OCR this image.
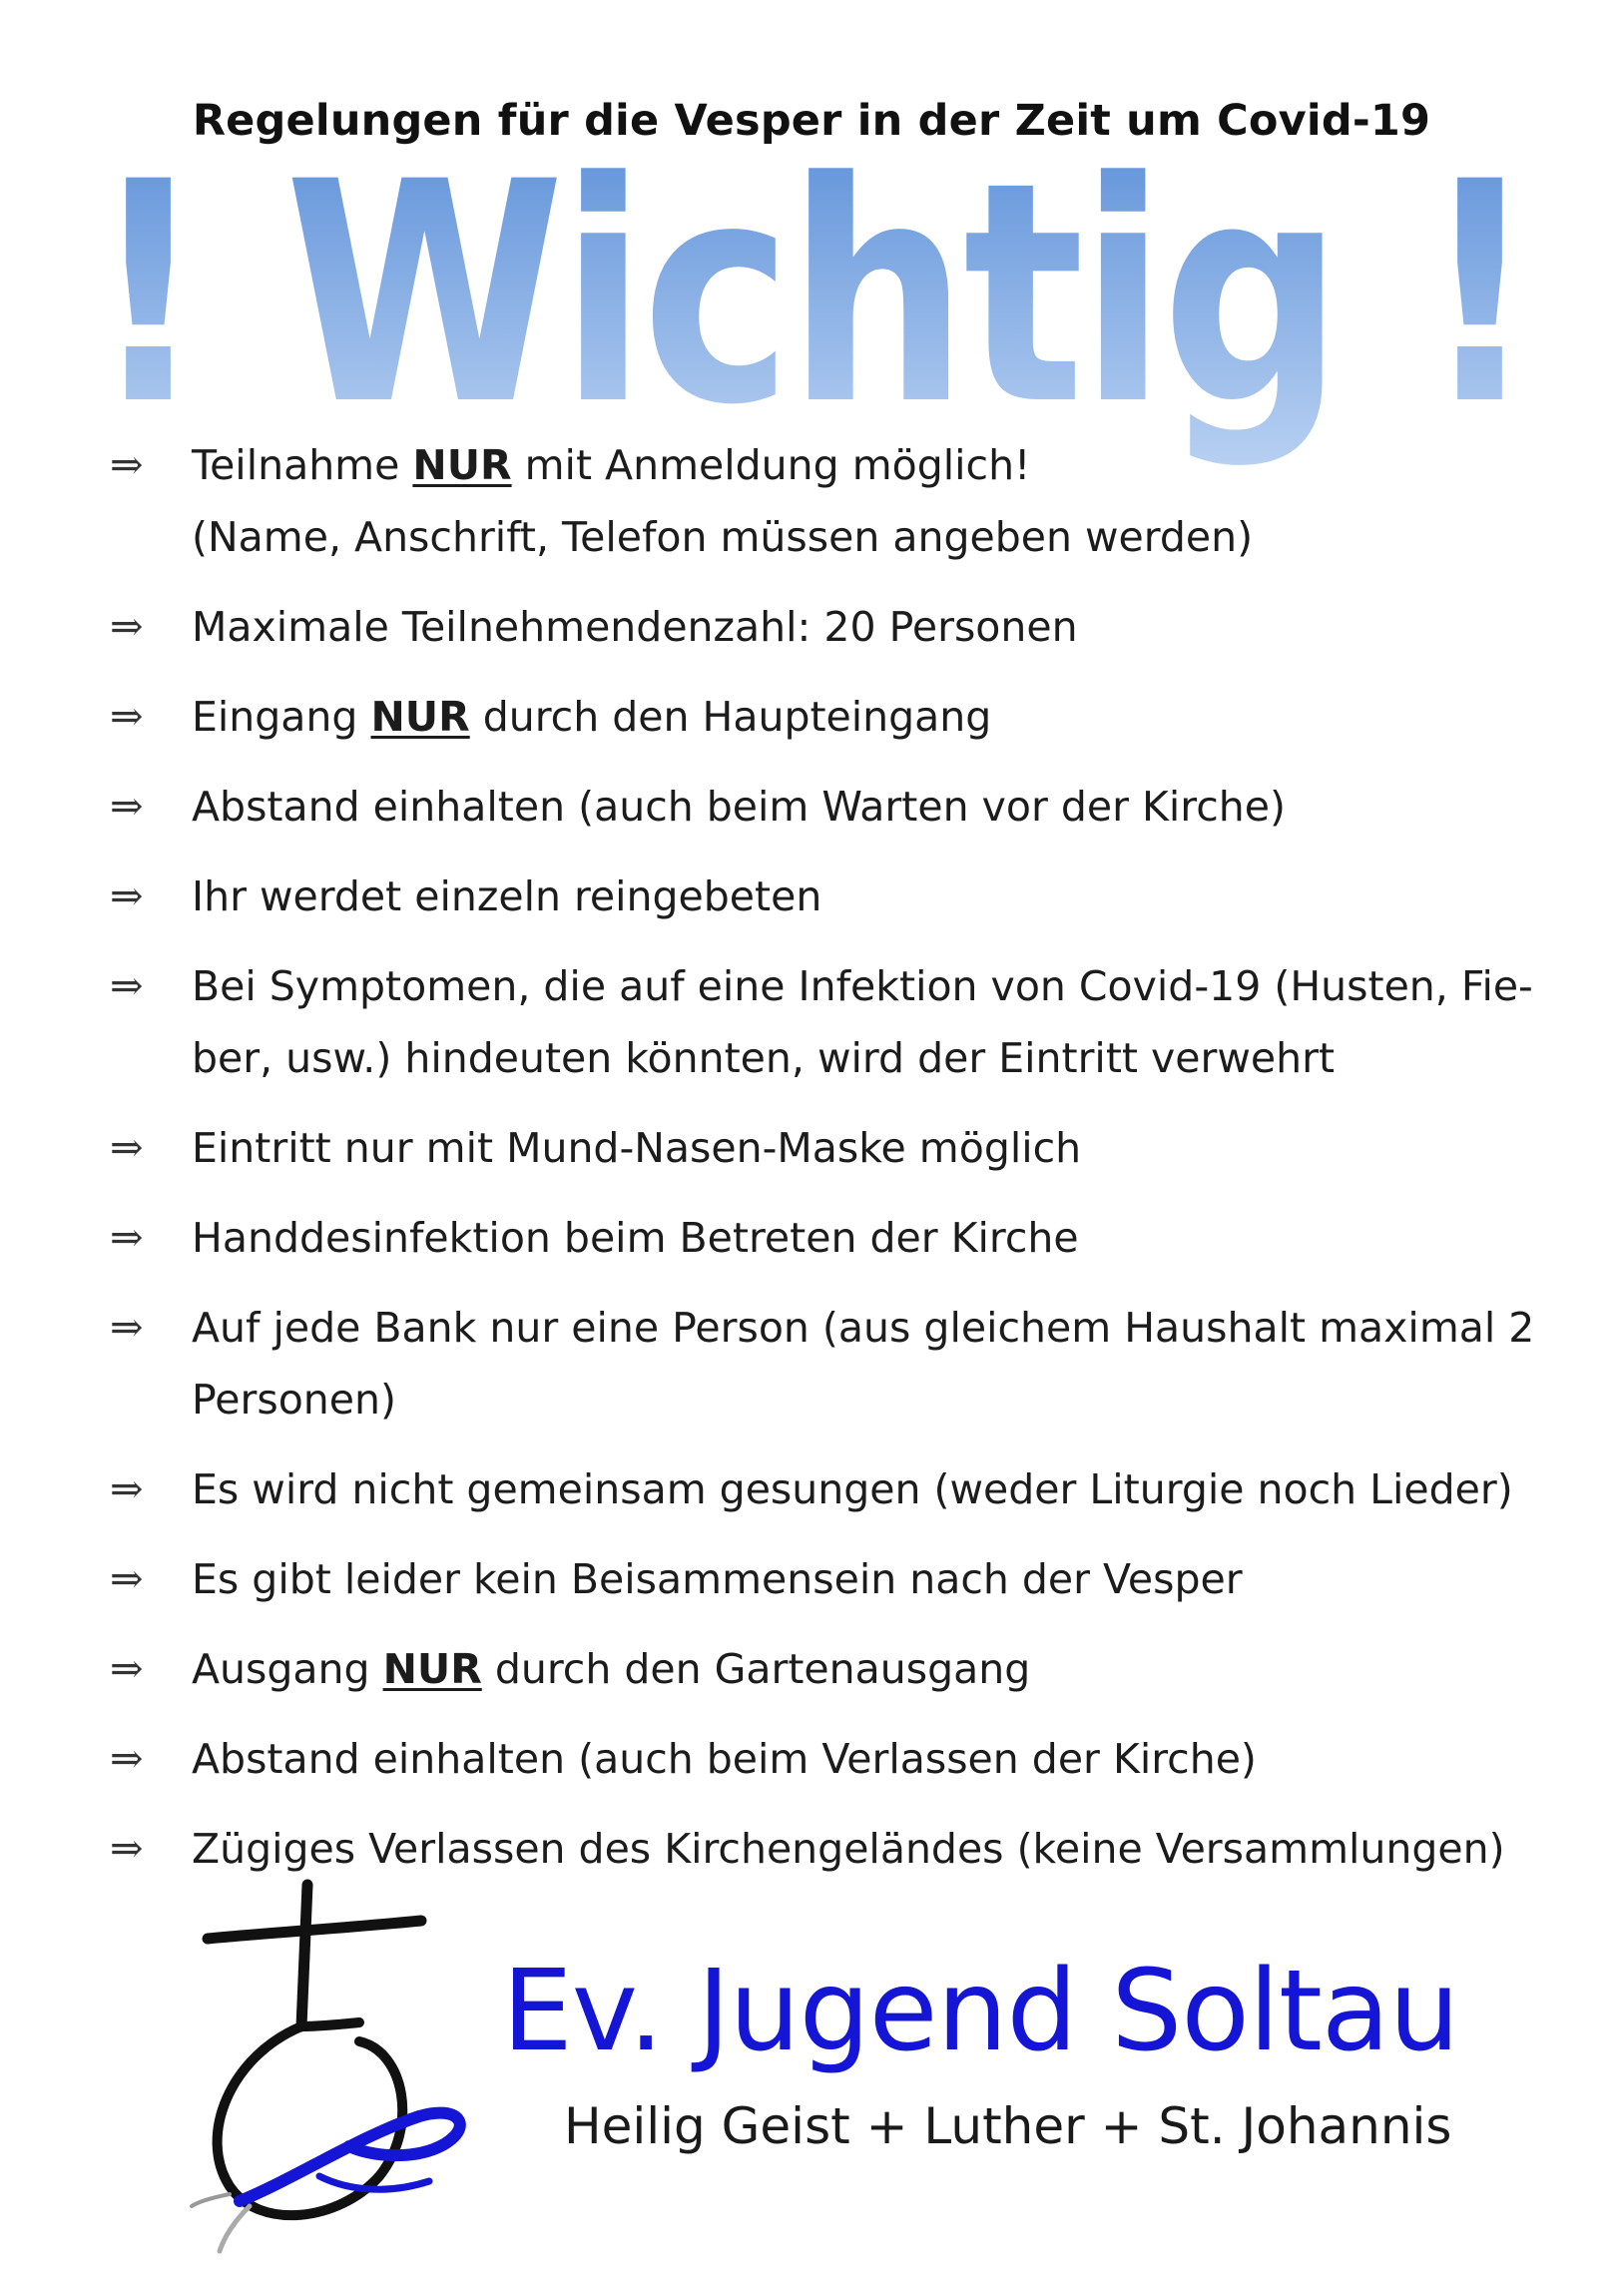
! Wichtig !
Regelungen für die Vesper in der Zeit um Covid-19
⇒	Teilnahme NUR mit Anmeldung möglich!
(Name, Anschrift, Telefon müssen angeben werden)
⇒	Maximale Teilnehmendenzahl: 20 Personen
⇒	Eingang NUR durch den Haupteingang
⇒	Abstand einhalten (auch beim Warten vor der Kirche)
⇒	Ihr werdet einzeln reingebeten
⇒	Bei Symptomen, die auf eine Infektion von Covid-19 (Husten, Fie-
ber, usw.) hindeuten könnten, wird der Eintritt verwehrt
⇒	Eintritt nur mit Mund-Nasen-Maske möglich
⇒	Handdesinfektion beim Betreten der Kirche
⇒	Auf jede Bank nur eine Person (aus gleichem Haushalt maximal 2
Personen)
⇒	Es wird nicht gemeinsam gesungen (weder Liturgie noch Lieder)
⇒	Es gibt leider kein Beisammensein nach der Vesper
⇒	Ausgang NUR durch den Gartenausgang
⇒	Abstand einhalten (auch beim Verlassen der Kirche)
⇒	Zügiges Verlassen des Kirchengeländes (keine Versammlungen)
Ev. Jugend Soltau

Heilig Geist + Luther + St. Johannis
